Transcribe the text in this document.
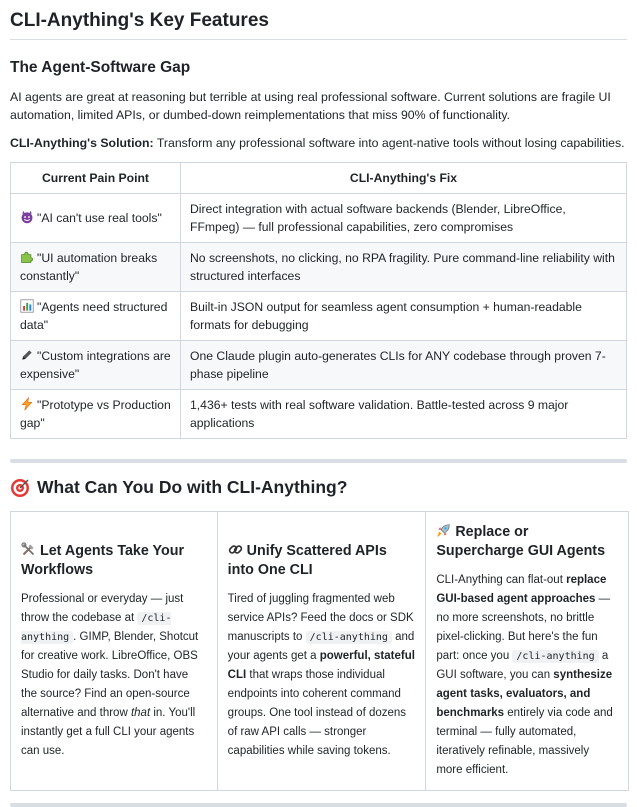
CLI-Anything's Key Features
The Agent-Software Gap

AI agents are great at reasoning but terrible at using real professional software. Current solutions are fragile UI automation, limited APIs, or dumbed-down reimplementations that miss 90% of functionality.

CLI-Anything's Solution: Transform any professional software into agent-native tools without losing capabilities.

Current Pain Point	CLI-Anything's Fix
"AI can't use real tools"	Direct integration with actual software backends (Blender, LibreOffice, FFmpeg) — full professional capabilities, zero compromises
"UI automation breaks constantly"	No screenshots, no clicking, no RPA fragility. Pure command-line reliability with structured interfaces
"Agents need structured data"	Built-in JSON output for seamless agent consumption + human-readable formats for debugging
"Custom integrations are expensive"	One Claude plugin auto-generates CLIs for ANY codebase through proven 7-phase pipeline
"Prototype vs Production gap"	1,436+ tests with real software validation. Battle-tested across 9 major applications
What Can You Do with CLI-Anything?
Let Agents Take Your Workflows

Professional or everyday — just throw the codebase at /cli-anything . GIMP, Blender, Shotcut for creative work. LibreOffice, OBS Studio for daily tasks. Don't have the source? Find an open-source alternative and throw that in. You'll instantly get a full CLI your agents can use.

Unify Scattered APIs into One CLI

Tired of juggling fragmented web service APIs? Feed the docs or SDK manuscripts to /cli-anything and your agents get a powerful, stateful CLI that wraps those individual endpoints into coherent command groups. One tool instead of dozens of raw API calls — stronger capabilities while saving tokens.

Replace or Supercharge GUI Agents

CLI-Anything can flat-out replace GUI-based agent approaches — no more screenshots, no brittle pixel-clicking. But here's the fun part: once you /cli-anything a GUI software, you can synthesize agent tasks, evaluators, and benchmarks entirely via code and terminal — fully automated, iteratively refinable, massively more efficient.
